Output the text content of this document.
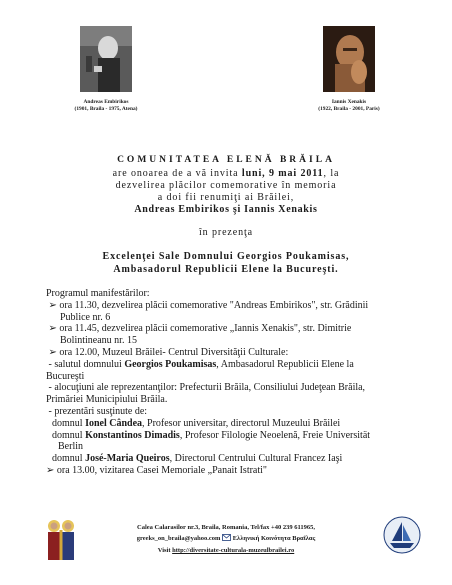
Andreas Embirikos
(1901, Braila - 1975, Atena)
Iannis Xenakis
(1922, Braila - 2001, Paris)
COMUNITATEA ELENĂ BRĂILA
are onoarea de a vă invita luni, 9 mai 2011, la
dezvelirea plăcilor comemorative în memoria
a doi fii renumiţi ai Brăilei,
Andreas Embirikos şi Iannis Xenakis
în prezenţa
Excelenţei Sale Domnului Georgios Poukamisas,
Ambasadorul Republicii Elene la Bucureşti.
Programul manifestărilor:
➢ ora 11.30, dezvelirea plăcii comemorative "Andreas Embirikos", str. Grădinii
Publice nr. 6
➢ ora 11.45, dezvelirea plăcii comemorative „Iannis Xenakis", str. Dimitrie
Bolintineanu nr. 15
➢ ora 12.00, Muzeul Brăilei- Centrul Diversităţii Culturale:
- salutul domnului Georgios Poukamisas, Ambasadorul Republicii Elene la
Bucureşti
- alocuţiuni ale reprezentanţilor: Prefecturii Brăila, Consiliului Judeţean Brăila,
Primăriei Municipiului Brăila.
- prezentări susţinute de:
domnul Ionel Cândea, Profesor universitar, directorul Muzeului Brăilei
domnul Konstantinos Dimadis, Profesor Filologie Neoelenă, Freie Universität
Berlin
domnul José-Maria Queiros, Directorul Centrului Cultural Francez Iaşi
➢ ora 13.00, vizitarea Casei Memoriale „Panait Istrati"
Calea Calarasilor nr.3, Braila, Romania, Tel/fax +40 239 611965,
greeks_on_braila@yahoo.com Ελληνική Κοινότητα Βραΐλας
Visit http://diversitate-culturala-muzeulbrailei.ro
